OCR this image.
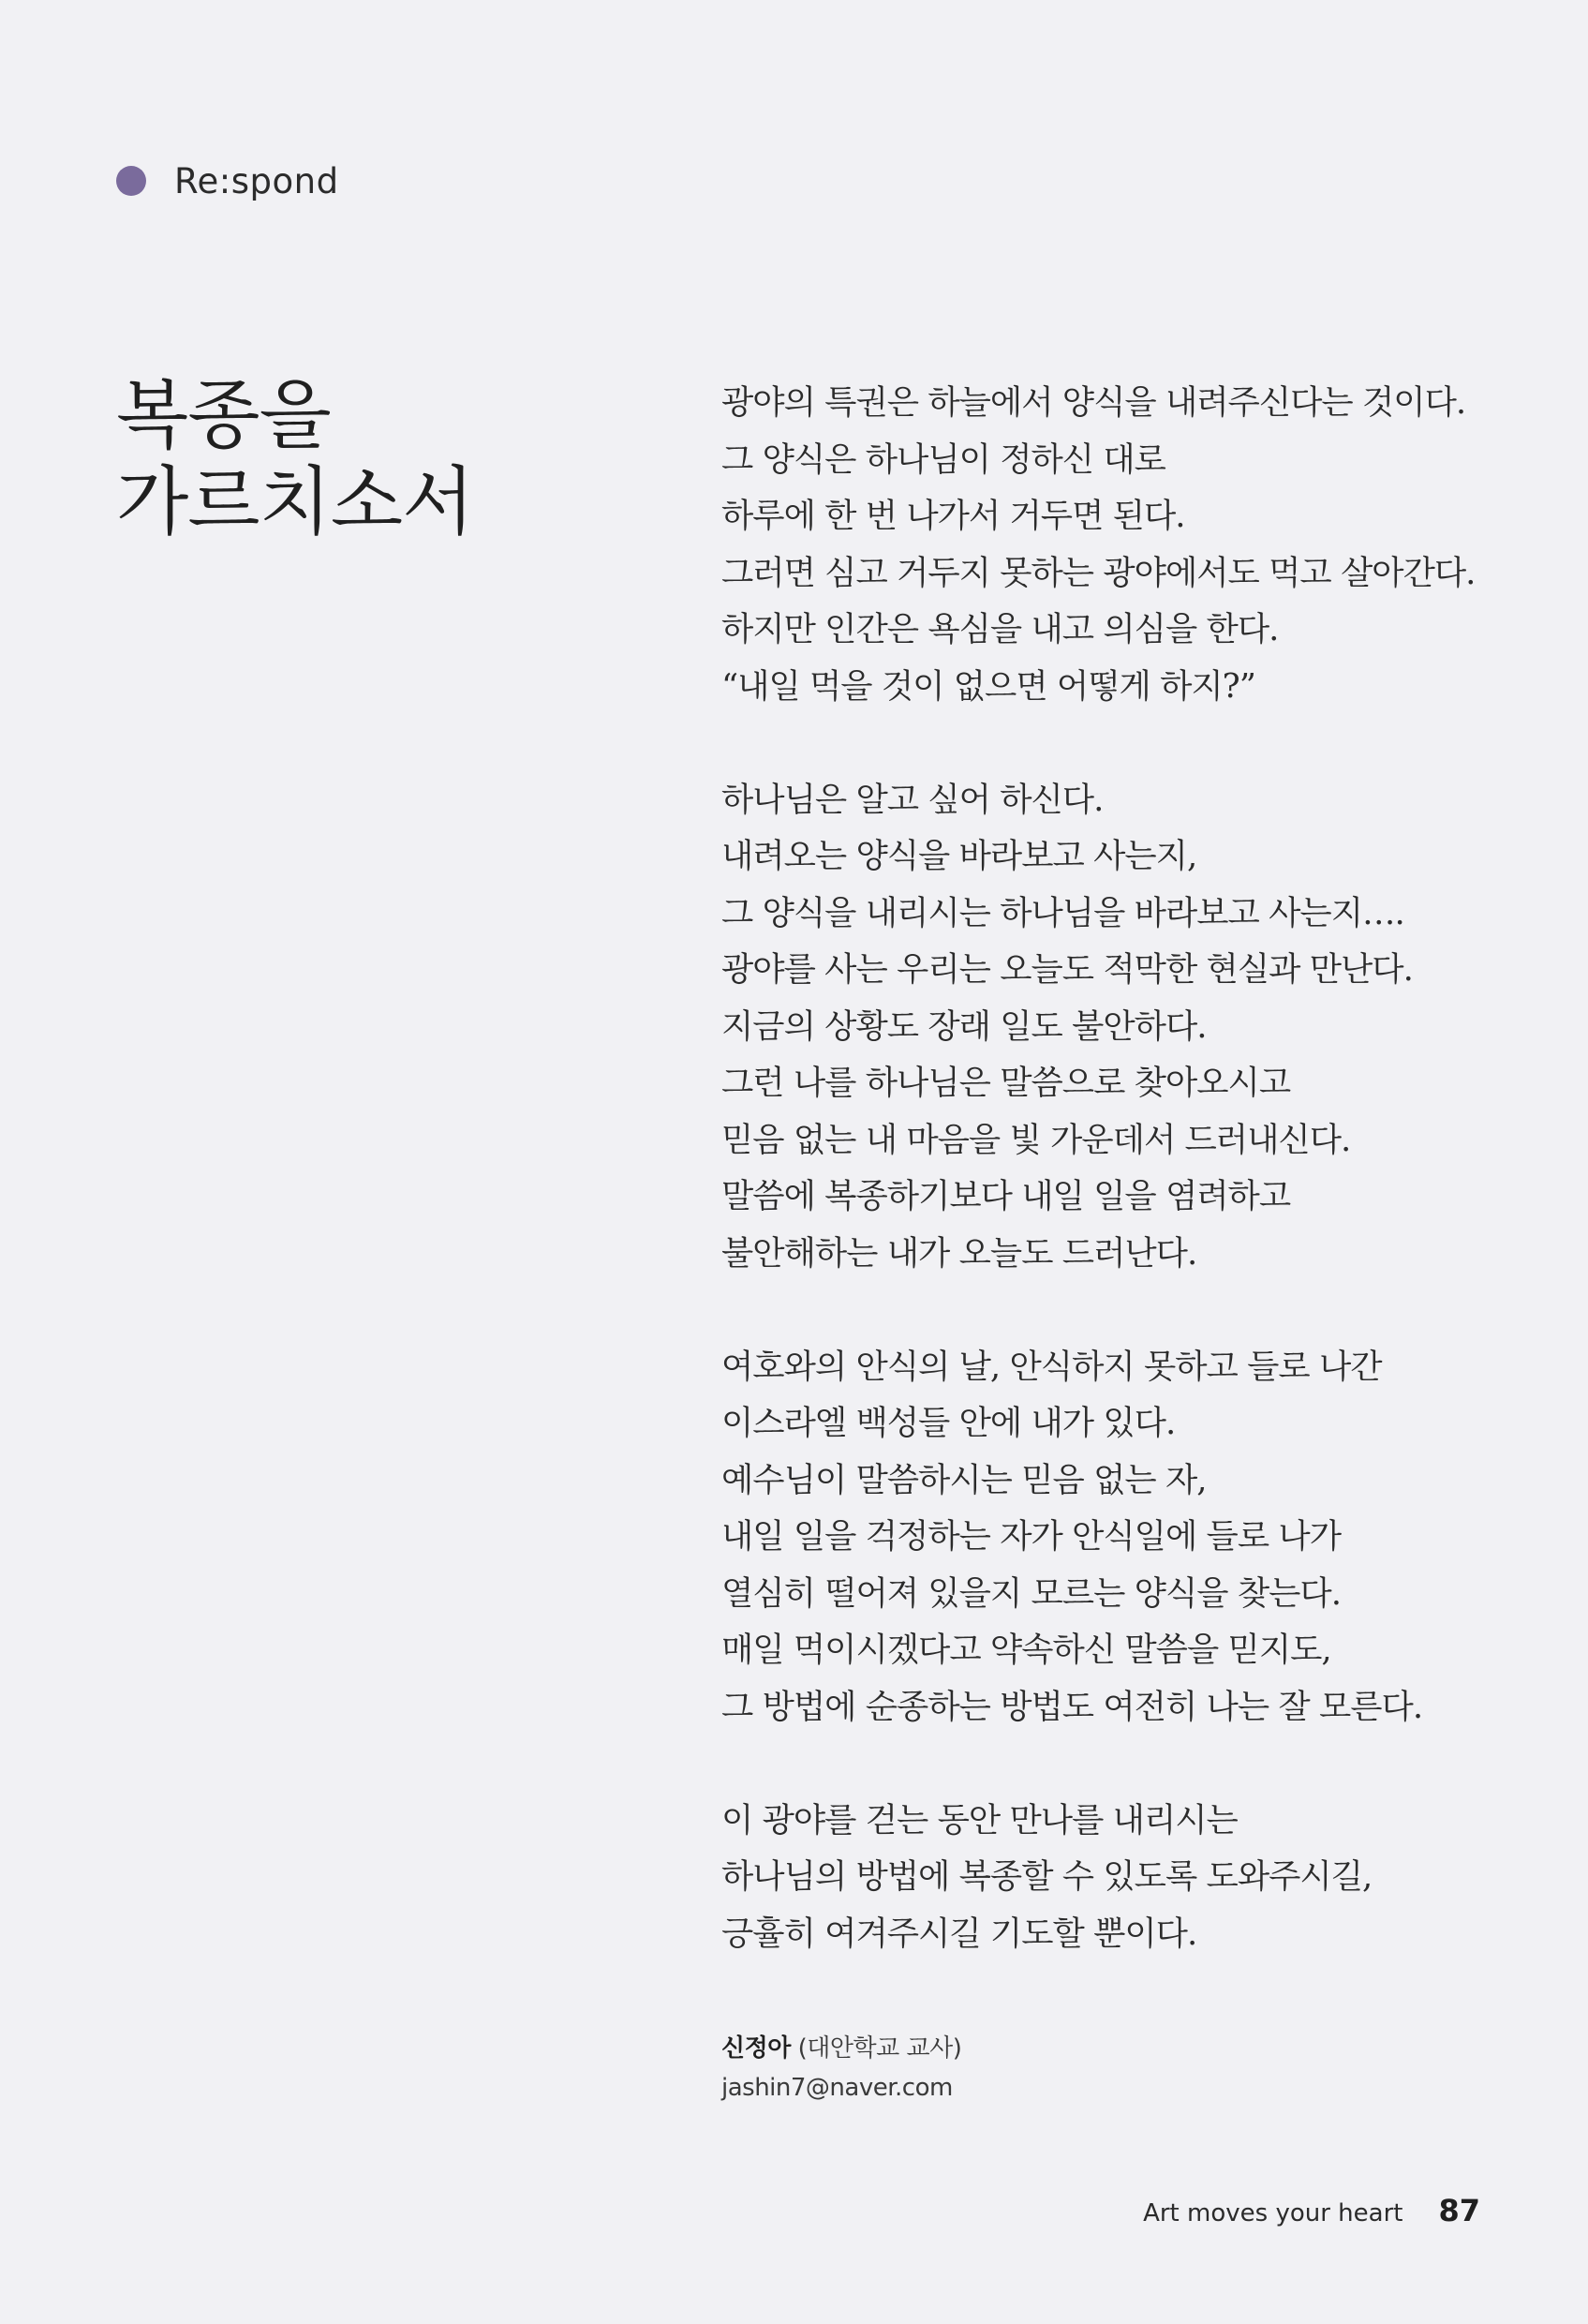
Re:spond
복종을
가르치소서

광야의 특권은 하늘에서 양식을 내려주신다는 것이다.
그 양식은 하나님이 정하신 대로
하루에 한 번 나가서 거두면 된다.
그러면 심고 거두지 못하는 광야에서도 먹고 살아간다.
하지만 인간은 욕심을 내고 의심을 한다.
“내일 먹을 것이 없으면 어떻게 하지?”

하나님은 알고 싶어 하신다.
내려오는 양식을 바라보고 사는지,
그 양식을 내리시는 하나님을 바라보고 사는지….
광야를 사는 우리는 오늘도 적막한 현실과 만난다.
지금의 상황도 장래 일도 불안하다.
그런 나를 하나님은 말씀으로 찾아오시고
믿음 없는 내 마음을 빛 가운데서 드러내신다.
말씀에 복종하기보다 내일 일을 염려하고
불안해하는 내가 오늘도 드러난다.

여호와의 안식의 날, 안식하지 못하고 들로 나간
이스라엘 백성들 안에 내가 있다.
예수님이 말씀하시는 믿음 없는 자,
내일 일을 걱정하는 자가 안식일에 들로 나가
열심히 떨어져 있을지 모르는 양식을 찾는다.
매일 먹이시겠다고 약속하신 말씀을 믿지도,
그 방법에 순종하는 방법도 여전히 나는 잘 모른다.

이 광야를 걷는 동안 만나를 내리시는
하나님의 방법에 복종할 수 있도록 도와주시길,
긍휼히 여겨주시길 기도할 뿐이다.

신정아 (대안학교 교사)
jashin7@naver.com
Art moves your heart 87
